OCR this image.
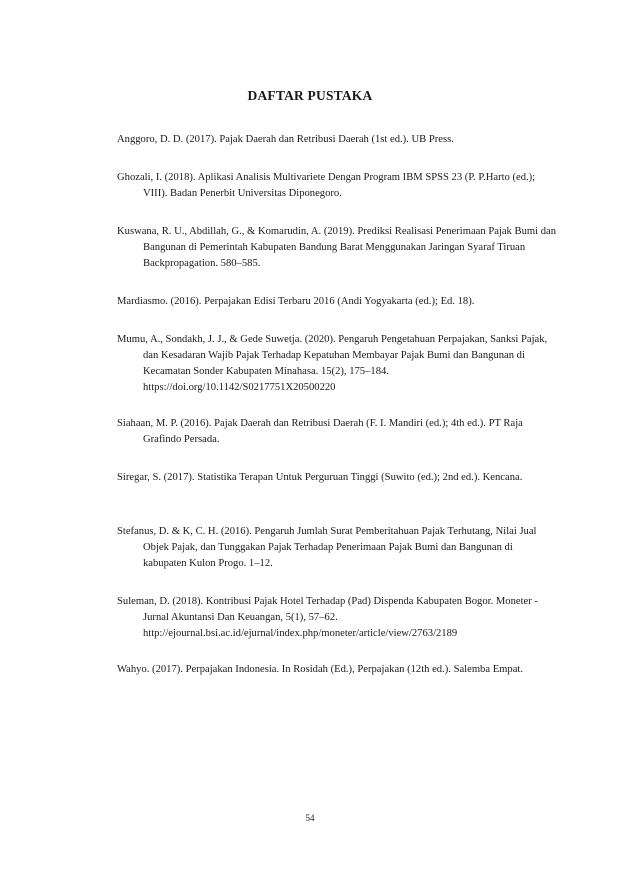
DAFTAR PUSTAKA
Anggoro, D. D. (2017). Pajak Daerah dan Retribusi Daerah (1st ed.). UB Press.
Ghozali, I. (2018). Aplikasi Analisis Multivariete Dengan Program IBM SPSS 23 (P. P.Harto (ed.); VIII). Badan Penerbit Universitas Diponegoro.
Kuswana, R. U., Abdillah, G., & Komarudin, A. (2019). Prediksi Realisasi Penerimaan Pajak Bumi dan Bangunan di Pemerintah Kabupaten Bandung Barat Menggunakan Jaringan Syaraf Tiruan Backpropagation. 580–585.
Mardiasmo. (2016). Perpajakan Edisi Terbaru 2016 (Andi Yogyakarta (ed.); Ed. 18).
Mumu, A., Sondakh, J. J., & Gede Suwetja. (2020). Pengaruh Pengetahuan Perpajakan, Sanksi Pajak, dan Kesadaran Wajib Pajak Terhadap Kepatuhan Membayar Pajak Bumi dan Bangunan di Kecamatan Sonder Kabupaten Minahasa. 15(2), 175–184. https://doi.org/10.1142/S0217751X20500220
Siahaan, M. P. (2016). Pajak Daerah dan Retribusi Daerah (F. I. Mandiri (ed.); 4th ed.). PT Raja Grafindo Persada.
Siregar, S. (2017). Statistika Terapan Untuk Perguruan Tinggi (Suwito (ed.); 2nd ed.). Kencana.
Stefanus, D. & K, C. H. (2016). Pengaruh Jumlah Surat Pemberitahuan Pajak Terhutang, Nilai Jual Objek Pajak, dan Tunggakan Pajak Terhadap Penerimaan Pajak Bumi dan Bangunan di kabupaten Kulon Progo. 1–12.
Suleman, D. (2018). Kontribusi Pajak Hotel Terhadap (Pad) Dispenda Kabupaten Bogor. Moneter - Jurnal Akuntansi Dan Keuangan, 5(1), 57–62. http://ejournal.bsi.ac.id/ejurnal/index.php/moneter/article/view/2763/2189
Wahyo. (2017). Perpajakan Indonesia. In Rosidah (Ed.), Perpajakan (12th ed.). Salemba Empat.
54
